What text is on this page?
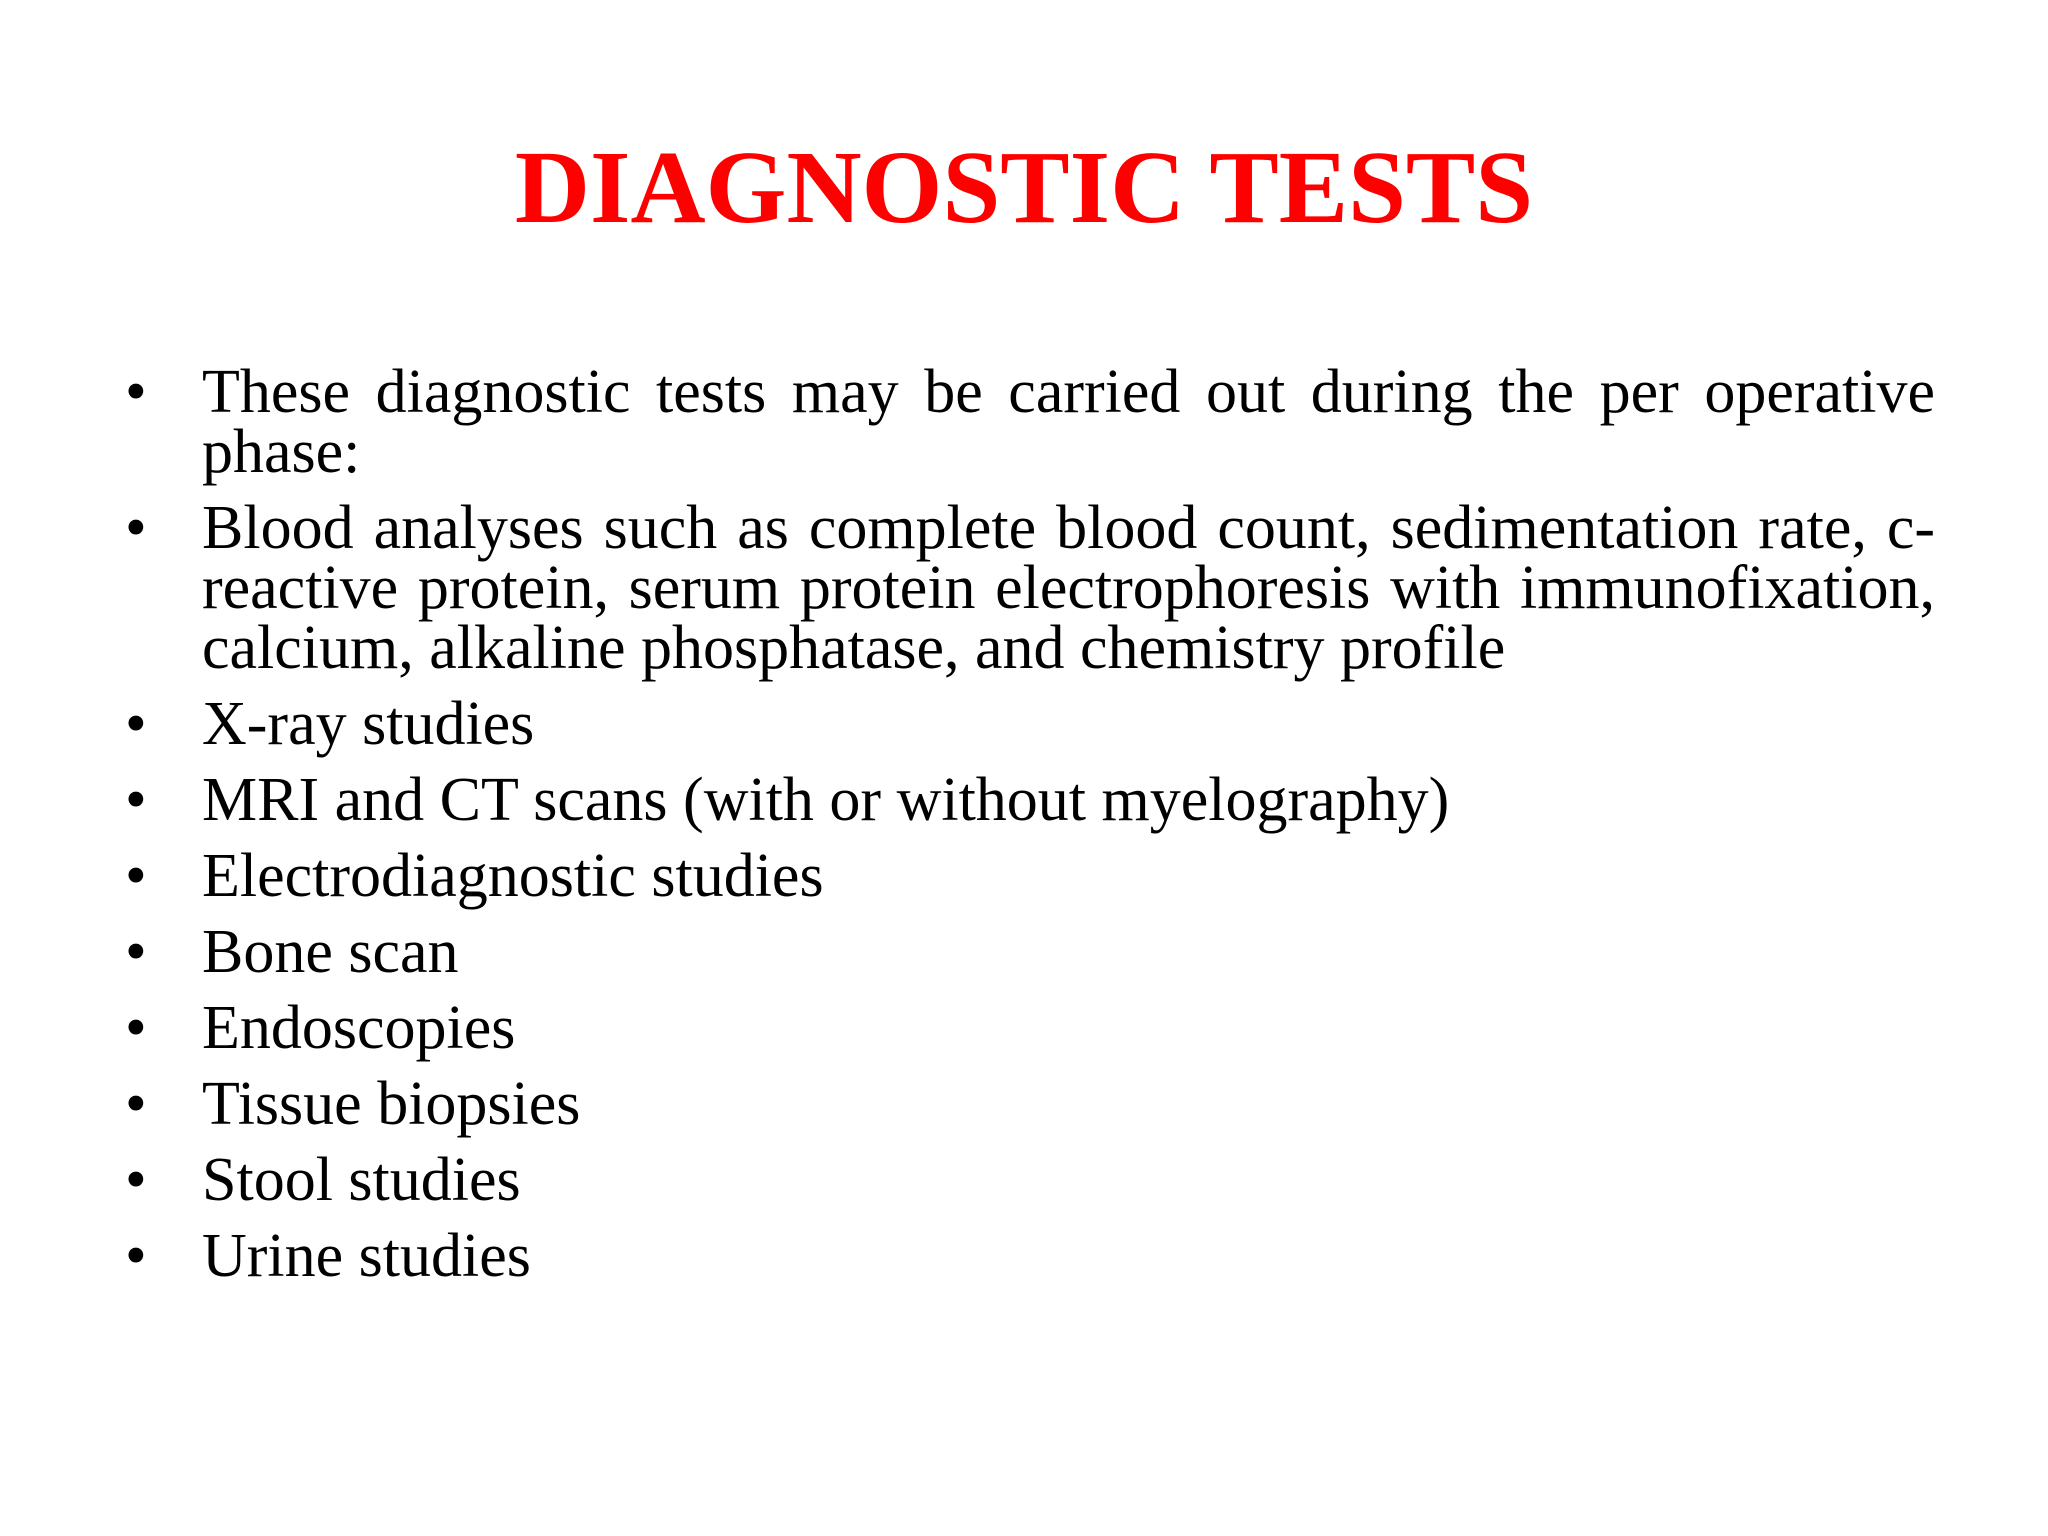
DIAGNOSTIC TESTS
• These diagnostic tests may be carried out during the per operative phase:
• Blood analyses such as complete blood count, sedimentation rate, c-reactive protein, serum protein electrophoresis with immunofixation, calcium, alkaline phosphatase, and chemistry profile
• X-ray studies
• MRI and CT scans (with or without myelography)
• Electrodiagnostic studies
• Bone scan
• Endoscopies
• Tissue biopsies
• Stool studies
• Urine studies
